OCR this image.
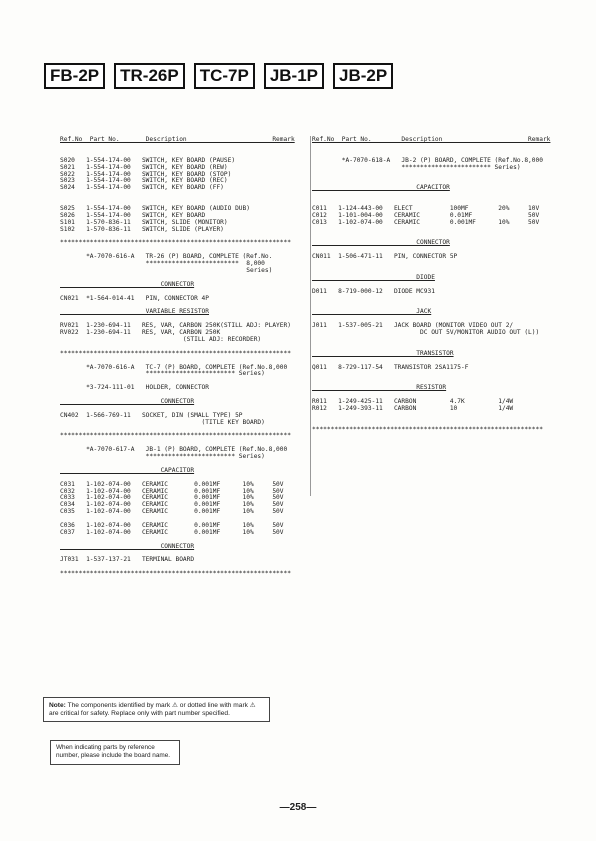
FB-2P	TR-26P	TC-7P	JB-1P	JB-2P
Ref.No  Part No.       Description                       Remark
S020   1-554-174-00   SWITCH, KEY BOARD (PAUSE)
S021   1-554-174-00   SWITCH, KEY BOARD (REW)
S022   1-554-174-00   SWITCH, KEY BOARD (STOP)
S023   1-554-174-00   SWITCH, KEY BOARD (REC)
S024   1-554-174-00   SWITCH, KEY BOARD (FF)
S025   1-554-174-00   SWITCH, KEY BOARD (AUDIO DUB)
S026   1-554-174-00   SWITCH, KEY BOARD
S101   1-570-836-11   SWITCH, SLIDE (MONITOR)
S102   1-570-836-11   SWITCH, SLIDE (PLAYER)
**************************************************************
*A-7070-616-A   TR-26 (P) BOARD, COMPLETE (Ref.No.
*************************  8,000
Series)
CONNECTOR
CN021  *1-564-014-41   PIN, CONNECTOR 4P
VARIABLE RESISTOR
RV021  1-230-694-11   RES, VAR, CARBON 250K(STILL ADJ: PLAYER)
RV022  1-230-694-11   RES, VAR, CARBON 250K
(STILL ADJ: RECORDER)
**************************************************************
*A-7070-616-A   TC-7 (P) BOARD, COMPLETE (Ref.No.8,000
************************ Series)
*3-724-111-01   HOLDER, CONNECTOR
CONNECTOR
CN402  1-566-769-11   SOCKET, DIN (SMALL TYPE) 5P
(TITLE KEY BOARD)
**************************************************************
*A-7070-617-A   JB-1 (P) BOARD, COMPLETE (Ref.No.8,000
************************ Series)
CAPACITOR
C031   1-102-074-00   CERAMIC       0.001MF      10%     50V
C032   1-102-074-00   CERAMIC       0.001MF      10%     50V
C033   1-102-074-00   CERAMIC       0.001MF      10%     50V
C034   1-102-074-00   CERAMIC       0.001MF      10%     50V
C035   1-102-074-00   CERAMIC       0.001MF      10%     50V
C036   1-102-074-00   CERAMIC       0.001MF      10%     50V
C037   1-102-074-00   CERAMIC       0.001MF      10%     50V
CONNECTOR
JT031  1-537-137-21   TERMINAL BOARD
**************************************************************
Ref.No  Part No.        Description                       Remark
*A-7070-618-A   JB-2 (P) BOARD, COMPLETE (Ref.No.8,000
************************ Series)
CAPACITOR
C011   1-124-443-00   ELECT          100MF        20%     10V
C012   1-101-004-00   CERAMIC        0.01MF               50V
C013   1-102-074-00   CERAMIC        0.001MF      10%     50V
CONNECTOR
CN011  1-506-471-11   PIN, CONNECTOR 5P
DIODE
D011   8-719-000-12   DIODE MC931
JACK
J011   1-537-005-21   JACK BOARD (MONITOR VIDEO OUT 2/
DC OUT 5V/MONITOR AUDIO OUT (L))
TRANSISTOR
Q011   8-729-117-54   TRANSISTOR 2SA1175-F
RESISTOR
R011   1-249-425-11   CARBON         4.7K         1/4W
R012   1-249-393-11   CARBON         10           1/4W
**************************************************************
Note: The components identified by mark ⚠ or dotted line with mark ⚠ are critical for safety. Replace only with part number specified.
When indicating parts by reference number, please include the board name.
—258—
